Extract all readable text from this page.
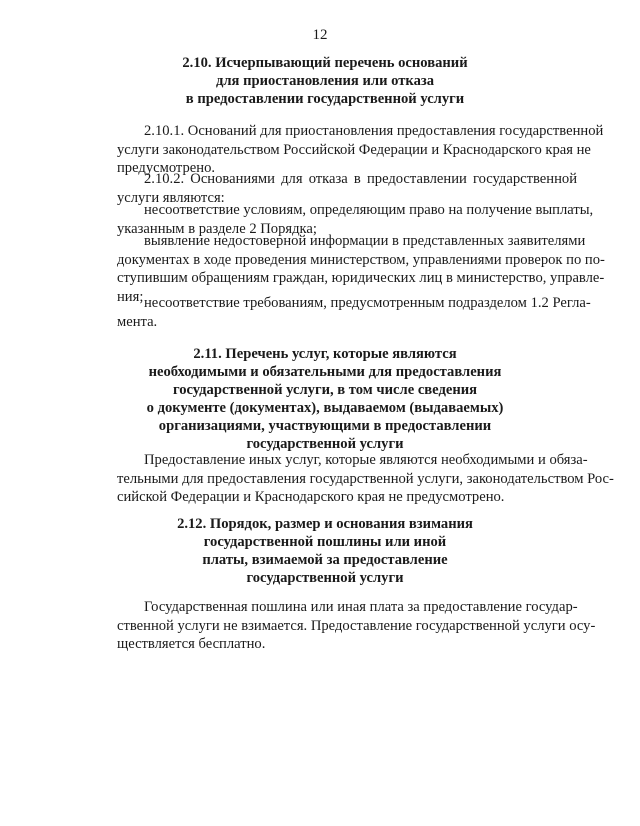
12
2.10. Исчерпывающий перечень оснований
для приостановления или отказа
в предоставлении государственной услуги
2.10.1. Оснований для приостановления предоставления государственной
услуги законодательством Российской Федерации и Краснодарского края не
предусмотрено.
2.10.2. Основаниями для отказа в предоставлении государственной
услуги являются:
несоответствие условиям, определяющим право на получение выплаты,
указанным в разделе 2 Порядка;
выявление недостоверной информации в представленных заявителями
документах в ходе проведения министерством, управлениями проверок по по-
ступившим обращениям граждан, юридических лиц в министерство, управле-
ния; несоответствие требованиям, предусмотренным подразделом 1.2 Регла-
мента.
2.11. Перечень услуг, которые являются
необходимыми и обязательными для предоставления
государственной услуги, в том числе сведения
о документе (документах), выдаваемом (выдаваемых)
организациями, участвующими в предоставлении
государственной услуги
Предоставление иных услуг, которые являются необходимыми и обяза-
тельными для предоставления государственной услуги, законодательством Рос-
сийской Федерации и Краснодарского края не предусмотрено.
2.12. Порядок, размер и основания взимания
государственной пошлины или иной
платы, взимаемой за предоставление
государственной услуги
Государственная пошлина или иная плата за предоставление государ-
ственной услуги не взимается. Предоставление государственной услуги осу-
ществляется бесплатно.
